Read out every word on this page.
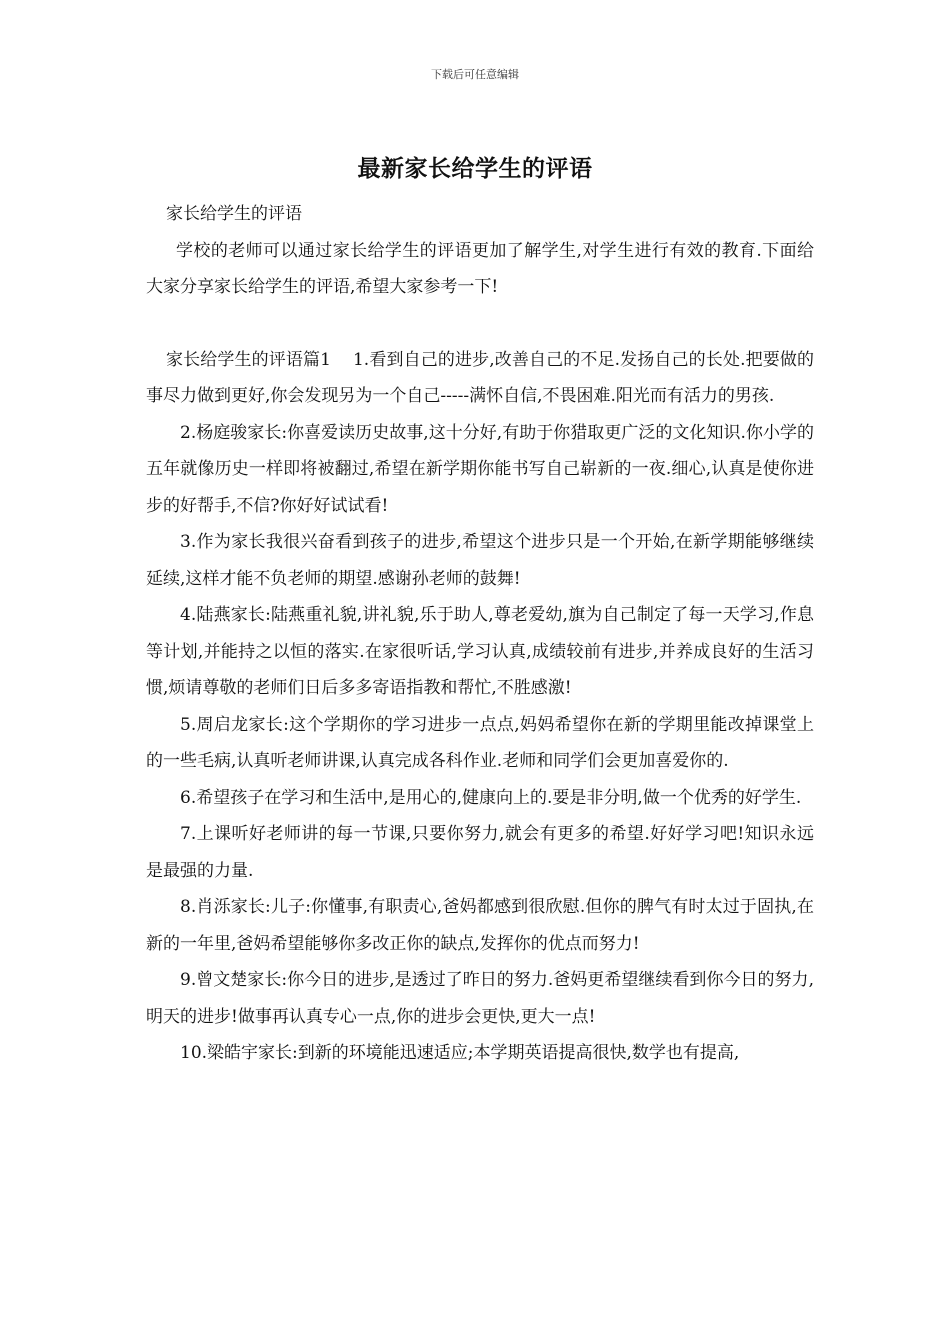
下载后可任意编辑
最新家长给学生的评语

家长给学生的评语

学校的老师可以通过家长给学生的评语更加了解学生,对学生进行有效的教育.下面给大家分享家长给学生的评语,希望大家参考一下!

家长给学生的评语篇1 1.看到自己的进步,改善自己的不足.发扬自己的长处.把要做的事尽力做到更好,你会发现另为一个自己-----满怀自信,不畏困难.阳光而有活力的男孩.

2.杨庭骏家长:你喜爱读历史故事,这十分好,有助于你猎取更广泛的文化知识.你小学的五年就像历史一样即将被翻过,希望在新学期你能书写自己崭新的一夜.细心,认真是使你进步的好帮手,不信?你好好试试看!

3.作为家长我很兴奋看到孩子的进步,希望这个进步只是一个开始,在新学期能够继续延续,这样才能不负老师的期望.感谢孙老师的鼓舞!

4.陆燕家长:陆燕重礼貌,讲礼貌,乐于助人,尊老爱幼,旗为自己制定了每一天学习,作息等计划,并能持之以恒的落实.在家很听话,学习认真,成绩较前有进步,并养成良好的生活习惯,烦请尊敬的老师们日后多多寄语指教和帮忙,不胜感激!

5.周启龙家长:这个学期你的学习进步一点点,妈妈希望你在新的学期里能改掉课堂上的一些毛病,认真听老师讲课,认真完成各科作业.老师和同学们会更加喜爱你的.

6.希望孩子在学习和生活中,是用心的,健康向上的.要是非分明,做一个优秀的好学生.

7.上课听好老师讲的每一节课,只要你努力,就会有更多的希望.好好学习吧!知识永远是最强的力量.

8.肖泺家长:儿子:你懂事,有职责心,爸妈都感到很欣慰.但你的脾气有时太过于固执,在新的一年里,爸妈希望能够你多改正你的缺点,发挥你的优点而努力!

9.曾文楚家长:你今日的进步,是透过了昨日的努力.爸妈更希望继续看到你今日的努力,明天的进步!做事再认真专心一点,你的进步会更快,更大一点!

10.梁皓宇家长:到新的环境能迅速适应;本学期英语提高很快,数学也有提高,
